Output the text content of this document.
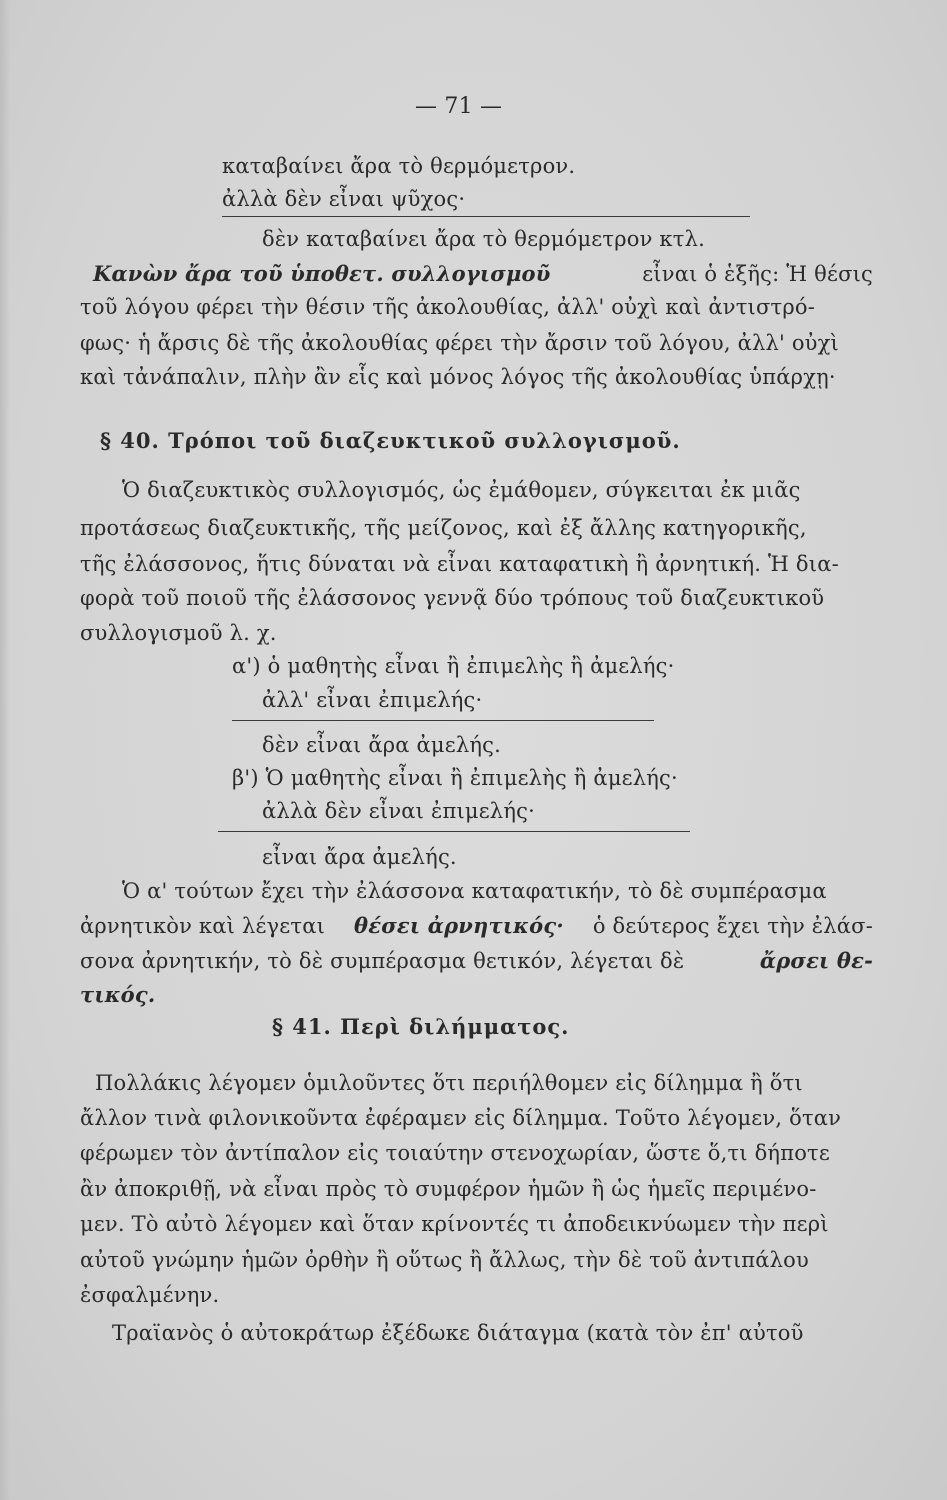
— 71 —
καταβαίνει ἄρα τὸ θερμόμετρον.
ἀλλὰ δὲν εἶναι ψῦχος·
δὲν καταβαίνει ἄρα τὸ θερμόμετρον κτλ.
Κανὼν ἄρα τοῦ ὑποθετ. συλλογισμοῦ	εἶναι ὁ ἑξῆς: Ἡ θέσις
τοῦ λόγου φέρει τὴν θέσιν τῆς ἀκολουθίας, ἀλλ' οὐχὶ καὶ ἀντιστρό-
φως· ἡ ἄρσις δὲ τῆς ἀκολουθίας φέρει τὴν ἄρσιν τοῦ λόγου, ἀλλ' οὐχὶ
καὶ τἀνάπαλιν, πλὴν ἂν εἷς καὶ μόνος λόγος τῆς ἀκολουθίας ὑπάρχῃ·
§ 40. Τρόποι τοῦ διαζευκτικοῦ συλλογισμοῦ.
Ὁ διαζευκτικὸς συλλογισμός, ὡς ἐμάθομεν, σύγκειται ἐκ μιᾶς
προτάσεως διαζευκτικῆς, τῆς μείζονος, καὶ ἐξ ἄλλης κατηγορικῆς,
τῆς ἐλάσσονος, ἥτις δύναται νὰ εἶναι καταφατικὴ ἢ ἀρνητική. Ἡ δια-
φορὰ τοῦ ποιοῦ τῆς ἐλάσσονος γεννᾷ δύο τρόπους τοῦ διαζευκτικοῦ
συλλογισμοῦ λ. χ.
α') ὁ μαθητὴς εἶναι ἢ ἐπιμελὴς ἢ ἀμελής·
ἀλλ' εἶναι ἐπιμελής·
δὲν εἶναι ἄρα ἀμελής.
β') Ὁ μαθητὴς εἶναι ἢ ἐπιμελὴς ἢ ἀμελής·
ἀλλὰ δὲν εἶναι ἐπιμελής·
εἶναι ἄρα ἀμελής.
Ὁ α' τούτων ἔχει τὴν ἐλάσσονα καταφατικήν, τὸ δὲ συμπέρασμα
ἀρνητικὸν καὶ λέγεται θέσει ἀρνητικός· ὁ δεύτερος ἔχει τὴν ἐλάσ-
σονα ἀρνητικήν, τὸ δὲ συμπέρασμα θετικόν, λέγεται δὲ	ἄρσει θε-
τικός.
§ 41. Περὶ διλήμματος.
Πολλάκις λέγομεν ὁμιλοῦντες ὅτι περιήλθομεν εἰς δίλημμα ἢ ὅτι
ἄλλον τινὰ φιλονικοῦντα ἐφέραμεν εἰς δίλημμα. Τοῦτο λέγομεν, ὅταν
φέρωμεν τὸν ἀντίπαλον εἰς τοιαύτην στενοχωρίαν, ὥστε ὅ,τι δήποτε
ἂν ἀποκριθῇ, νὰ εἶναι πρὸς τὸ συμφέρον ἡμῶν ἢ ὡς ἡμεῖς περιμένο-
μεν. Τὸ αὐτὸ λέγομεν καὶ ὅταν κρίνοντές τι ἀποδεικνύωμεν τὴν περὶ
αὐτοῦ γνώμην ἡμῶν ὀρθὴν ἢ οὕτως ἢ ἄλλως, τὴν δὲ τοῦ ἀντιπάλου
ἐσφαλμένην.
Τραϊανὸς ὁ αὐτοκράτωρ ἐξέδωκε διάταγμα (κατὰ τὸν ἐπ' αὐτοῦ
